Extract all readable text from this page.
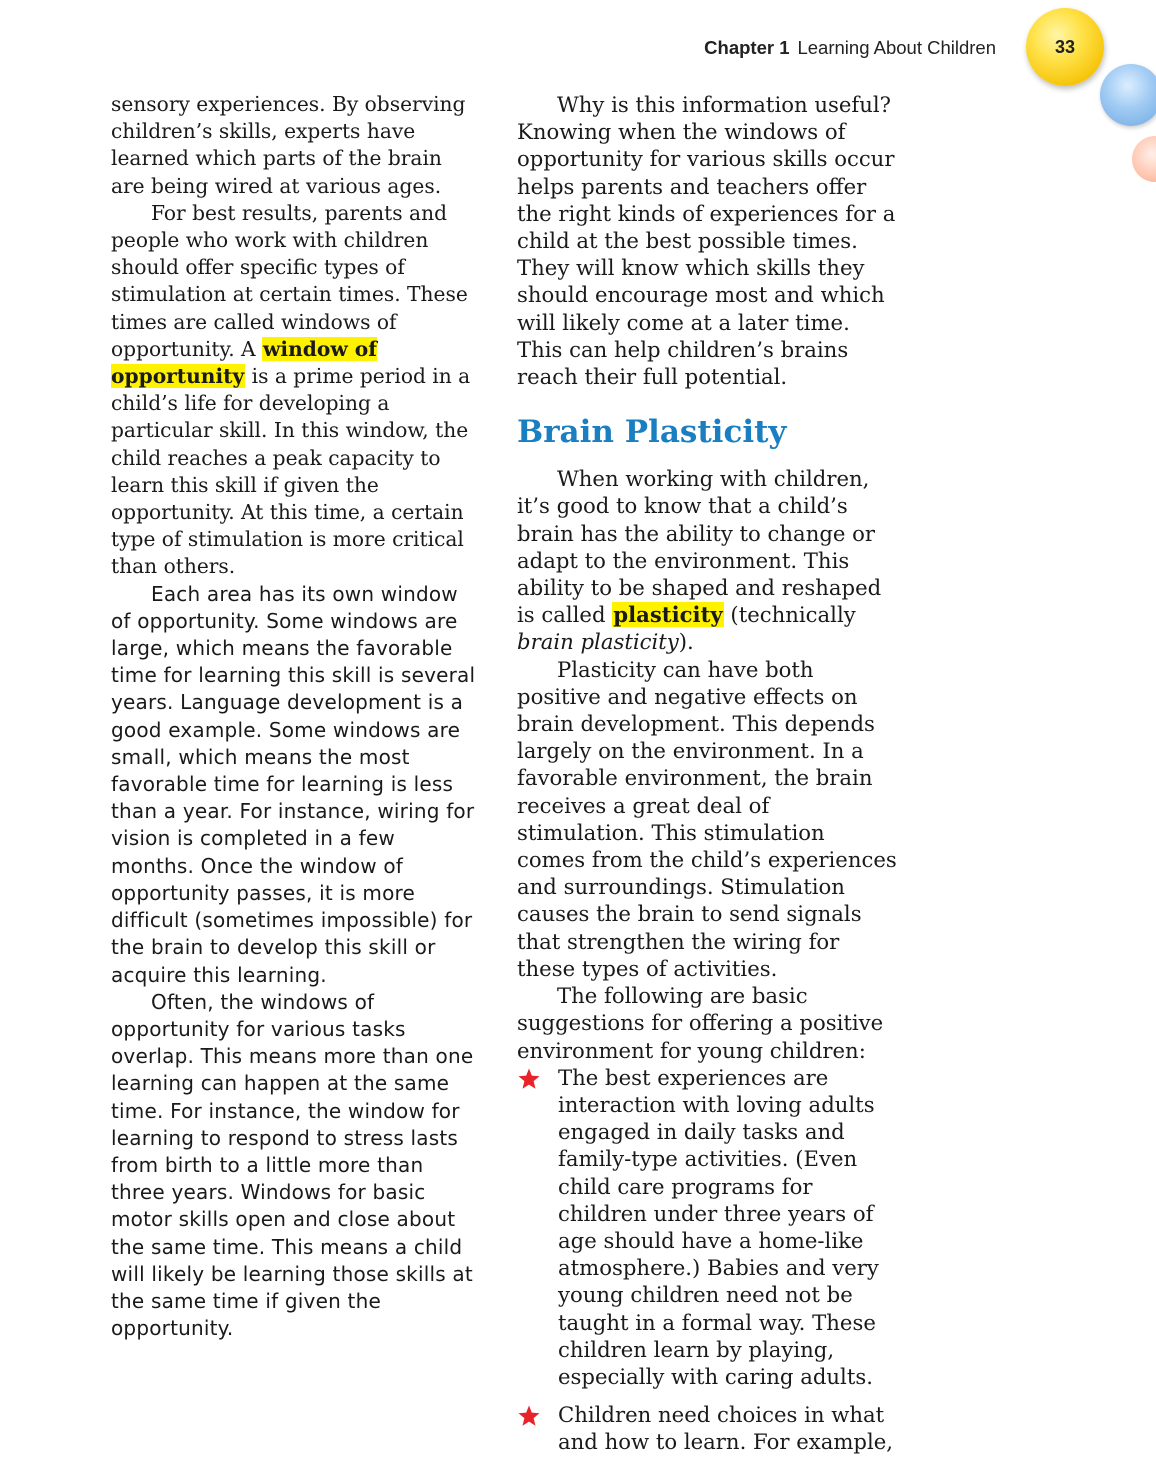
Chapter 1 Learning About Children	33

sensory experiences. By observing children’s skills, experts have learned which parts of the brain are being wired at various ages.

For best results, parents and people who work with children should offer specific types of stimulation at certain times. These times are called windows of opportunity. A window of opportunity is a prime period in a child’s life for developing a particular skill. In this window, the child reaches a peak capacity to learn this skill if given the opportunity. At this time, a certain type of stimulation is more critical than others.

Each area has its own window of opportunity. Some windows are large, which means the favorable time for learning this skill is several years. Language development is a good example. Some windows are small, which means the most favorable time for learning is less than a year. For instance, wiring for vision is completed in a few months. Once the window of opportunity passes, it is more difficult (sometimes impossible) for the brain to develop this skill or acquire this learning.

Often, the windows of opportunity for various tasks overlap. This means more than one learning can happen at the same time. For instance, the window for learning to respond to stress lasts from birth to a little more than three years. Windows for basic motor skills open and close about the same time. This means a child will likely be learning those skills at the same time if given the opportunity.

Why is this information useful? Knowing when the windows of opportunity for various skills occur helps parents and teachers offer the right kinds of experiences for a child at the best possible times. They will know which skills they should encourage most and which will likely come at a later time. This can help children’s brains reach their full potential.

Brain Plasticity

When working with children, it’s good to know that a child’s brain has the ability to change or adapt to the environment. This ability to be shaped and reshaped is called plasticity (technically brain plasticity).

Plasticity can have both positive and negative effects on brain development. This depends largely on the environment. In a favorable environment, the brain receives a great deal of stimulation. This stimulation comes from the child’s experiences and surroundings. Stimulation causes the brain to send signals that strengthen the wiring for these types of activities.

The following are basic suggestions for offering a positive environment for young children:

The best experiences are interaction with loving adults engaged in daily tasks and family-type activities. (Even child care programs for children under three years of age should have a home-like atmosphere.) Babies and very young children need not be taught in a formal way. These children learn by playing, especially with caring adults.
Children need choices in what and how to learn. For example,
